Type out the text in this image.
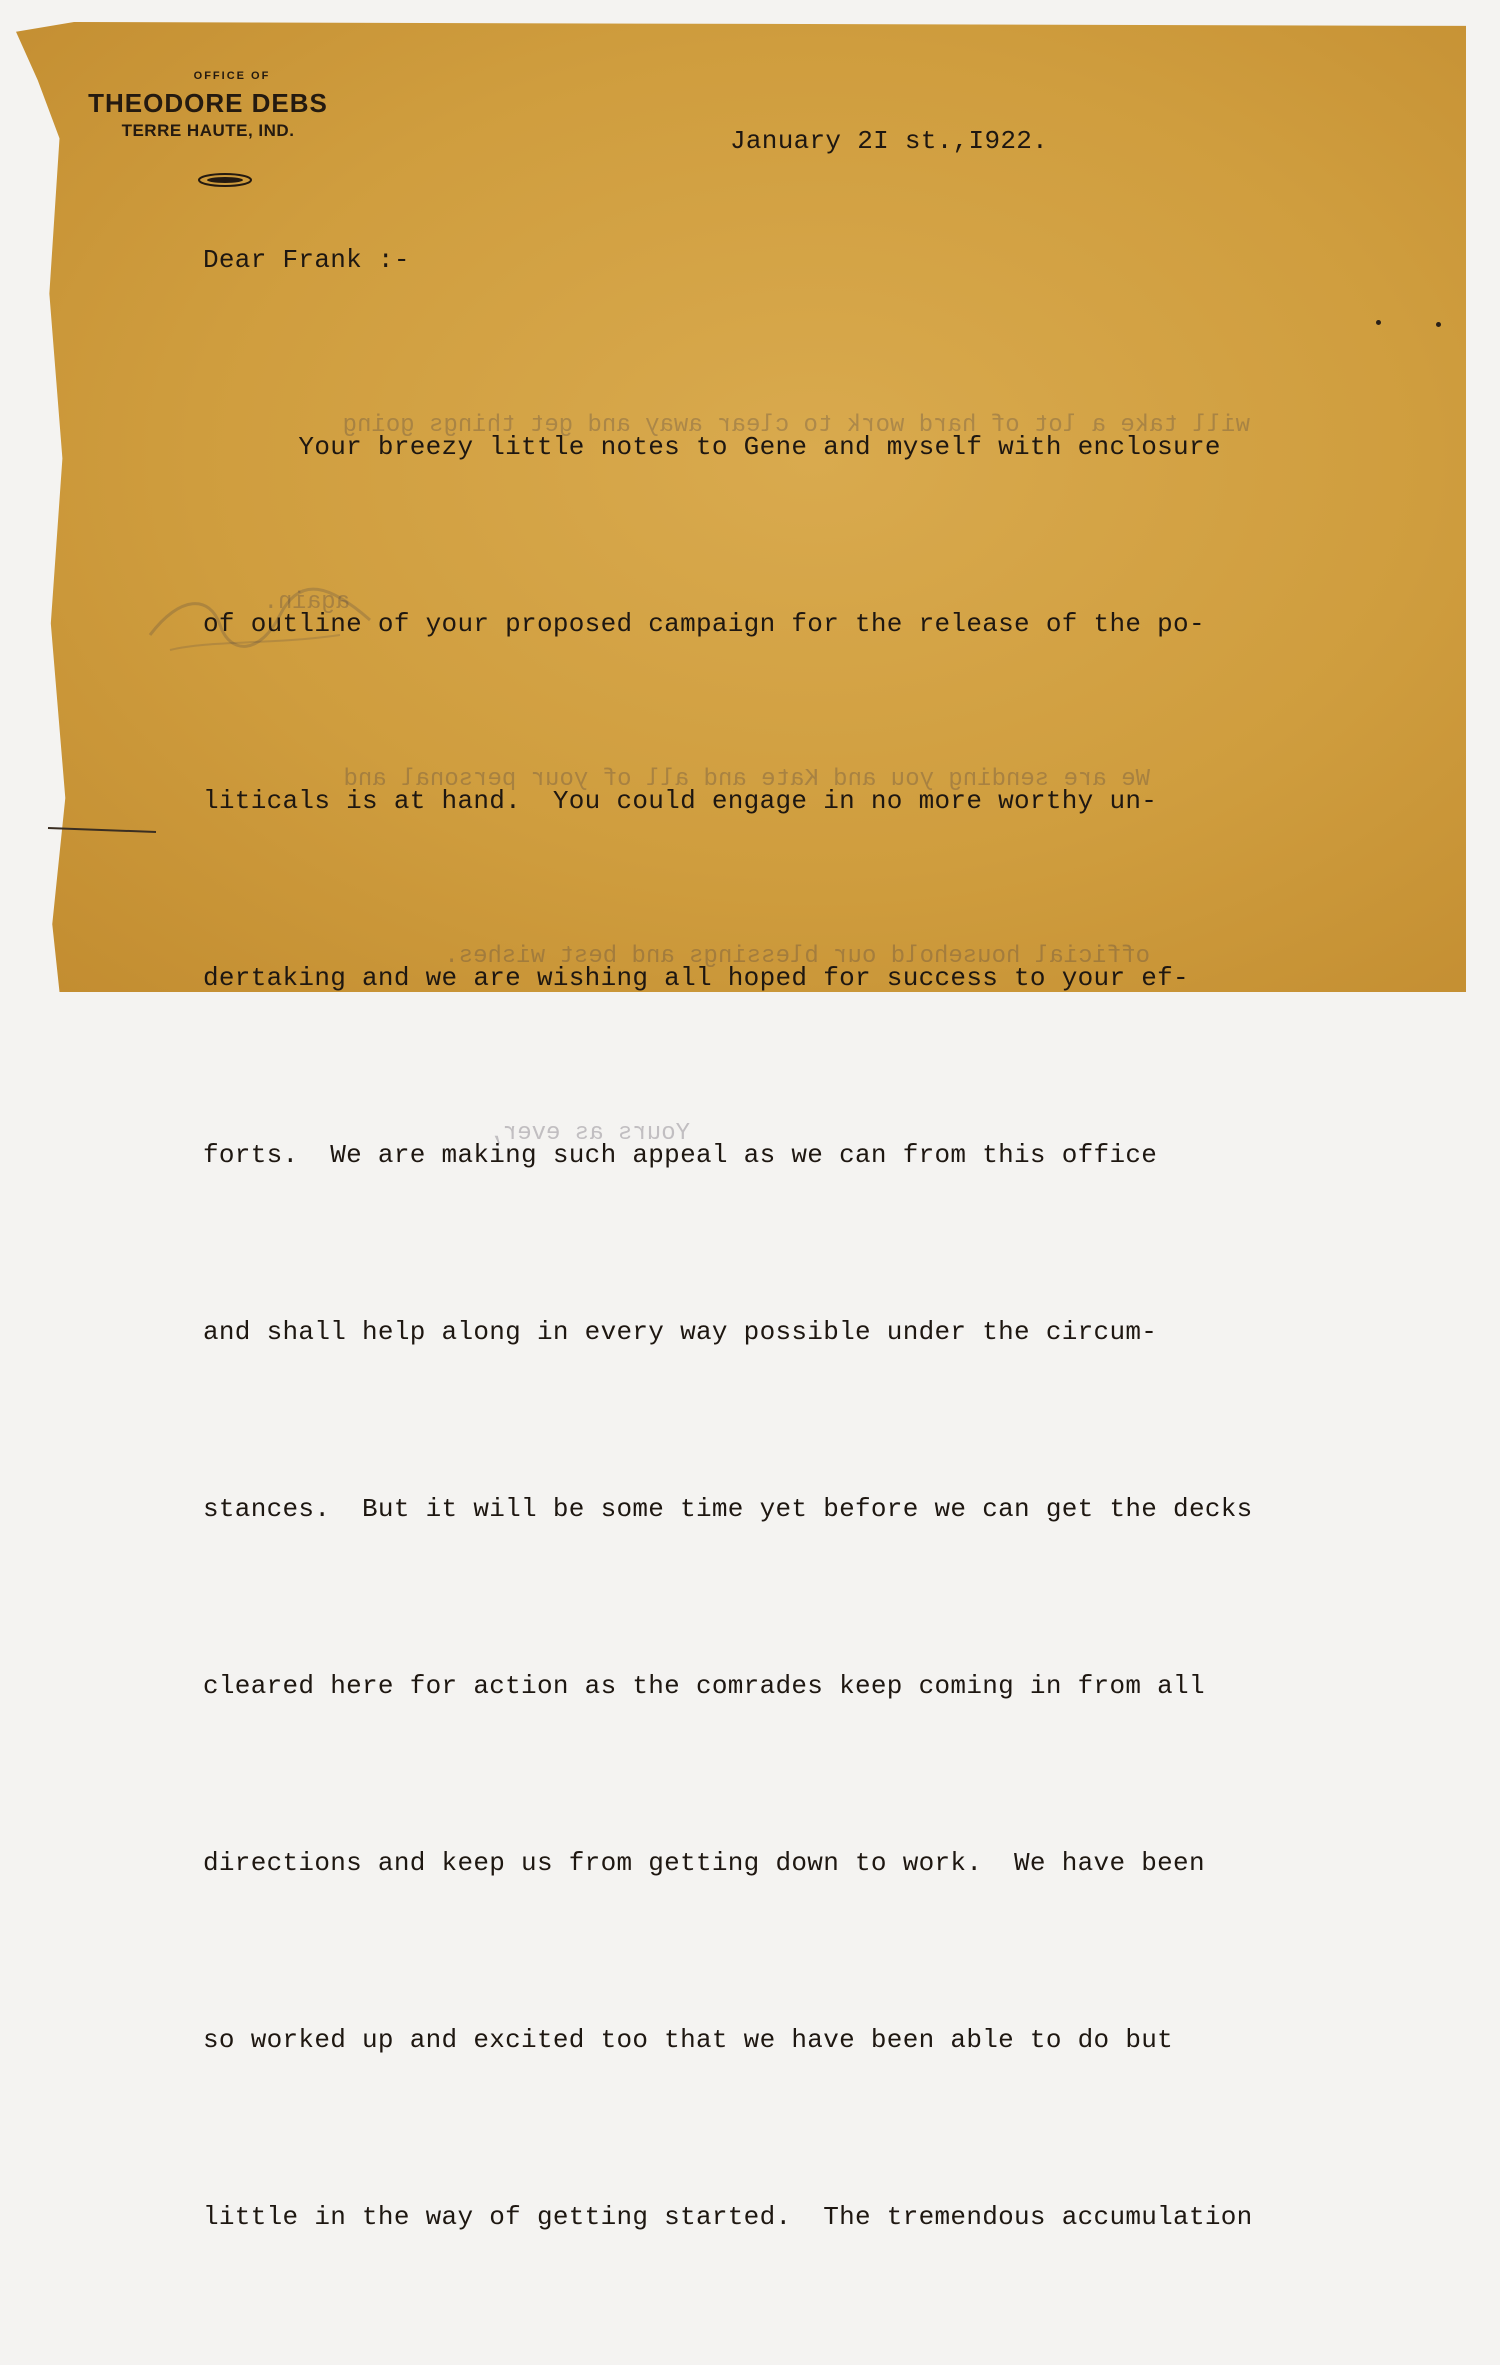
will take a lot of hard work to clear away and get things going

again.

We are sending you and Kate and all of your personal and

official household our blessings and best wishes.

Yours as ever,

OFFICE OF
THEODORE DEBS
TERRE HAUTE, IND.	January 2I st.,I922.
Dear Frank :-

Your breezy little notes to Gene and myself with enclosure

of outline of your proposed campaign for the release of the po-

liticals is at hand.  You could engage in no more worthy un-

dertaking and we are wishing all hoped for success to your ef-

forts.  We are making such appeal as we can from this office

and shall help along in every way possible under the circum-

stances.  But it will be some time yet before we can get the decks

cleared here for action as the comrades keep coming in from all

directions and keep us from getting down to work.  We have been

so worked up and excited too that we have been able to do but

little in the way of getting started.  The tremendous accumulation
